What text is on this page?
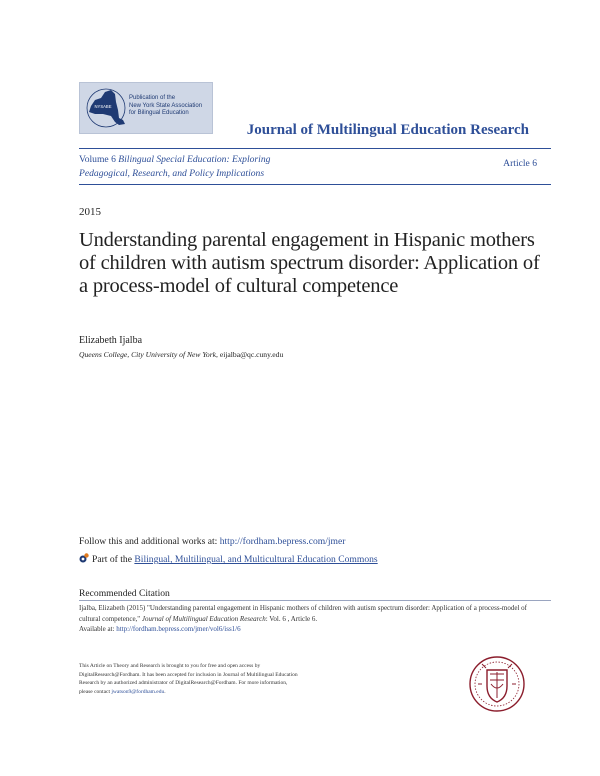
NYSABE
Publication of the
New York State Association
for Bilingual Education
Journal of Multilingual Education Research
Volume 6 Bilingual Special Education: Exploring
Pedagogical, Research, and Policy Implications
Article 6
2015
Understanding parental engagement in Hispanic mothers of children with autism spectrum disorder: Application of a process-model of cultural competence
Elizabeth Ijalba
Queens College, City University of New York, eijalba@qc.cuny.edu
Follow this and additional works at: http://fordham.bepress.com/jmer
Part of the Bilingual, Multilingual, and Multicultural Education Commons
Recommended Citation
Ijalba, Elizabeth (2015) "Understanding parental engagement in Hispanic mothers of children with autism spectrum disorder: Application of a process-model of cultural competence," Journal of Multilingual Education Research: Vol. 6 , Article 6.
Available at: http://fordham.bepress.com/jmer/vol6/iss1/6
This Article on Theory and Research is brought to you for free and open access by DigitalResearch@Fordham. It has been accepted for inclusion in Journal of Multilingual Education Research by an authorized administrator of DigitalResearch@Fordham. For more information, please contact jwatson9@fordham.edu.
